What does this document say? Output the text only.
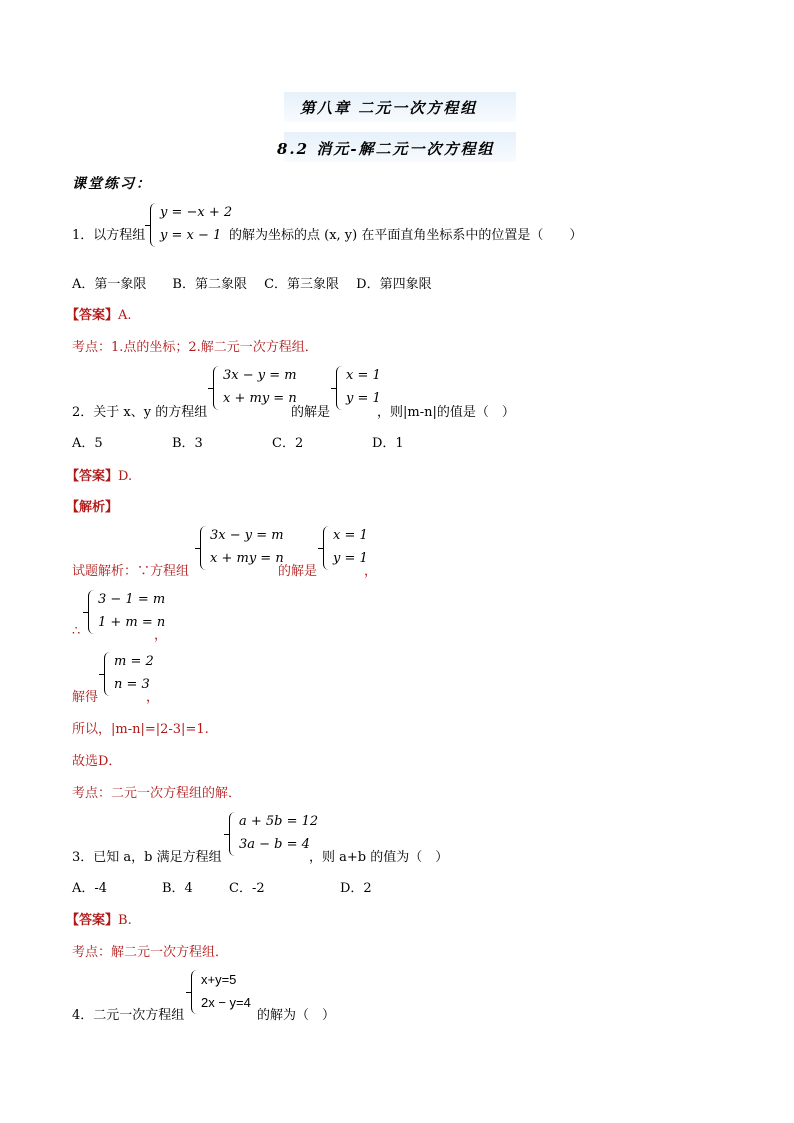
第八章 二元一次方程组
8.2 消元-解二元一次方程组
课堂练习：
1．以方程组
y = −x + 2
y = x − 1 的解为坐标的点 (x, y) 在平面直角坐标系中的位置是（　　）
A．第一象限　　B．第二象限　 C．第三象限　 D．第四象限
【答案】A.
考点：1.点的坐标；2.解二元一次方程组．
2．关于 x、y 的方程组
3x − y = m
x + my = n
的解是
x = 1
y = 1
，则|m-n|的值是（　）
A．5	B．3	C．2	D．1
【答案】D.
【解析】
试题解析：∵方程组
3x − y = m
x + my = n
的解是
x = 1
y = 1
，
∴
3 − 1 = m
1 + m = n
，
解得
m = 2
n = 3
，
所以，|m-n|=|2-3|=1.
故选D．
考点：二元一次方程组的解．
3．已知 a，b 满足方程组
a + 5b = 12
3a − b = 4
，则 a+b 的值为（　）
A．-4	B．4	C．-2	D．2
【答案】B.
考点：解二元一次方程组．
4．二元一次方程组
x+y=5
2x − y=4
的解为（　）
